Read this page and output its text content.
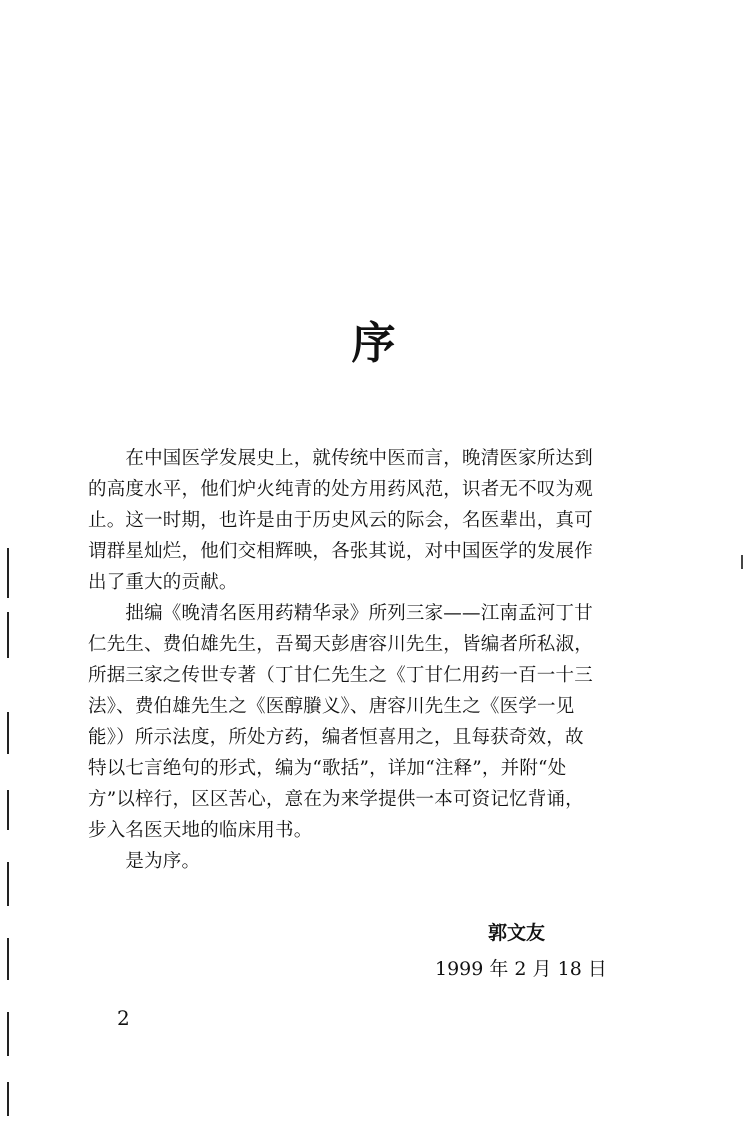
序
　　在中国医学发展史上，就传统中医而言，晚清医家所达到
的高度水平，他们炉火纯青的处方用药风范，识者无不叹为观
止。这一时期，也许是由于历史风云的际会，名医辈出，真可
谓群星灿烂，他们交相辉映，各张其说，对中国医学的发展作
出了重大的贡献。
　　拙编《晚清名医用药精华录》所列三家——江南孟河丁甘
仁先生、费伯雄先生，吾蜀天彭唐容川先生，皆编者所私淑，
所据三家之传世专著（丁甘仁先生之《丁甘仁用药一百一十三
法》、费伯雄先生之《医醇賸义》、唐容川先生之《医学一见
能》）所示法度，所处方药，编者恒喜用之，且每获奇效，故
特以七言绝句的形式，编为“歌括”，详加“注释”，并附“处
方”以梓行，区区苦心，意在为来学提供一本可资记忆背诵，
步入名医天地的临床用书。
　　是为序。
郭文友
1999 年 2 月 18 日
2
